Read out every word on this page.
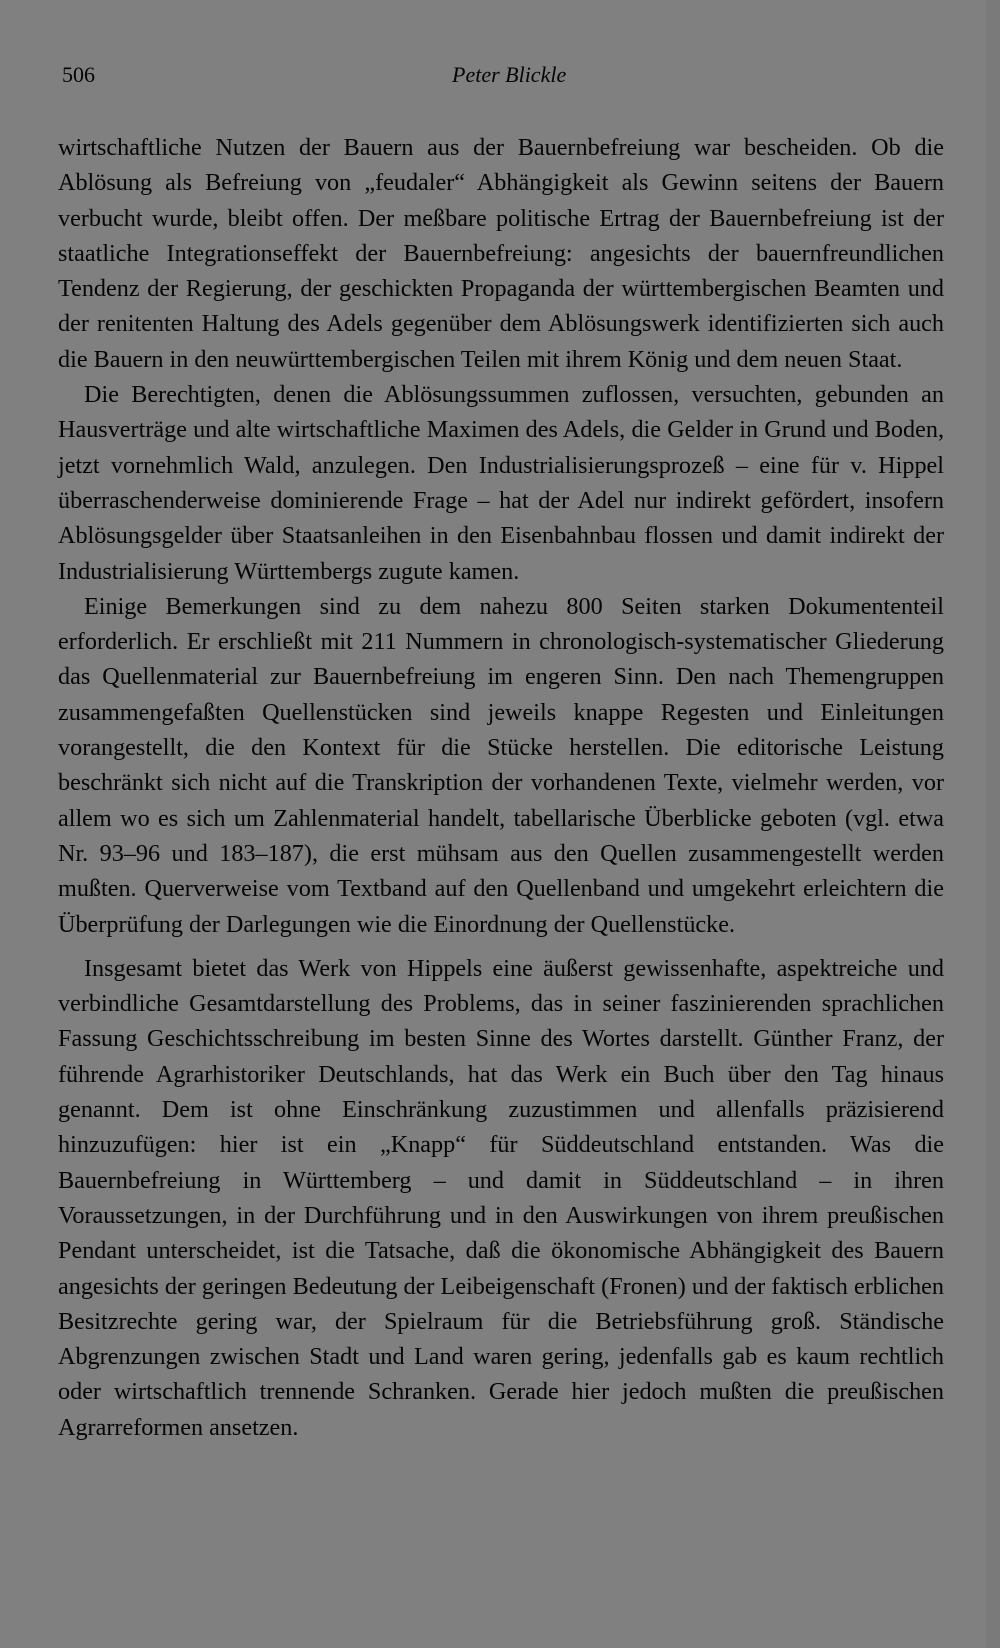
506	Peter Blickle

wirtschaftliche Nutzen der Bauern aus der Bauernbefreiung war bescheiden. Ob die Ablösung als Befreiung von „feudaler“ Abhängigkeit als Gewinn seitens der Bauern verbucht wurde, bleibt offen. Der meßbare politische Ertrag der Bauernbefreiung ist der staatliche Integrationseffekt der Bauernbefreiung: angesichts der bauernfreundlichen Tendenz der Regierung, der geschickten Propaganda der württembergischen Beamten und der renitenten Haltung des Adels gegenüber dem Ablösungswerk identifizierten sich auch die Bauern in den neuwürttembergischen Teilen mit ihrem König und dem neuen Staat.

Die Berechtigten, denen die Ablösungssummen zuflossen, versuchten, gebunden an Hausverträge und alte wirtschaftliche Maximen des Adels, die Gelder in Grund und Boden, jetzt vornehmlich Wald, anzulegen. Den Industrialisierungsprozeß – eine für v. Hippel überraschenderweise dominierende Frage – hat der Adel nur indirekt gefördert, insofern Ablösungsgelder über Staatsanleihen in den Eisenbahnbau flossen und damit indirekt der Industrialisierung Württembergs zugute kamen.

Einige Bemerkungen sind zu dem nahezu 800 Seiten starken Dokumententeil erforderlich. Er erschließt mit 211 Nummern in chronologisch-systematischer Gliederung das Quellenmaterial zur Bauernbefreiung im engeren Sinn. Den nach Themengruppen zusammengefaßten Quellenstücken sind jeweils knappe Regesten und Einleitungen vorangestellt, die den Kontext für die Stücke herstellen. Die editorische Leistung beschränkt sich nicht auf die Transkription der vorhandenen Texte, vielmehr werden, vor allem wo es sich um Zahlenmaterial handelt, tabellarische Überblicke geboten (vgl. etwa Nr. 93–96 und 183–187), die erst mühsam aus den Quellen zusammengestellt werden mußten. Querverweise vom Textband auf den Quellenband und umgekehrt erleichtern die Überprüfung der Darlegungen wie die Einordnung der Quellenstücke.

Insgesamt bietet das Werk von Hippels eine äußerst gewissenhafte, aspektreiche und verbindliche Gesamtdarstellung des Problems, das in seiner faszinierenden sprachlichen Fassung Geschichtsschreibung im besten Sinne des Wortes darstellt. Günther Franz, der führende Agrarhistoriker Deutschlands, hat das Werk ein Buch über den Tag hinaus genannt. Dem ist ohne Einschränkung zuzustimmen und allenfalls präzisierend hinzuzufügen: hier ist ein „Knapp“ für Süddeutschland entstanden. Was die Bauernbefreiung in Württemberg – und damit in Süddeutschland – in ihren Voraussetzungen, in der Durchführung und in den Auswirkungen von ihrem preußischen Pendant unterscheidet, ist die Tatsache, daß die ökonomische Abhängigkeit des Bauern angesichts der geringen Bedeutung der Leibeigenschaft (Fronen) und der faktisch erblichen Besitzrechte gering war, der Spielraum für die Betriebsführung groß. Ständische Abgrenzungen zwischen Stadt und Land waren gering, jedenfalls gab es kaum rechtlich oder wirtschaftlich trennende Schranken. Gerade hier jedoch mußten die preußischen Agrarreformen ansetzen.
